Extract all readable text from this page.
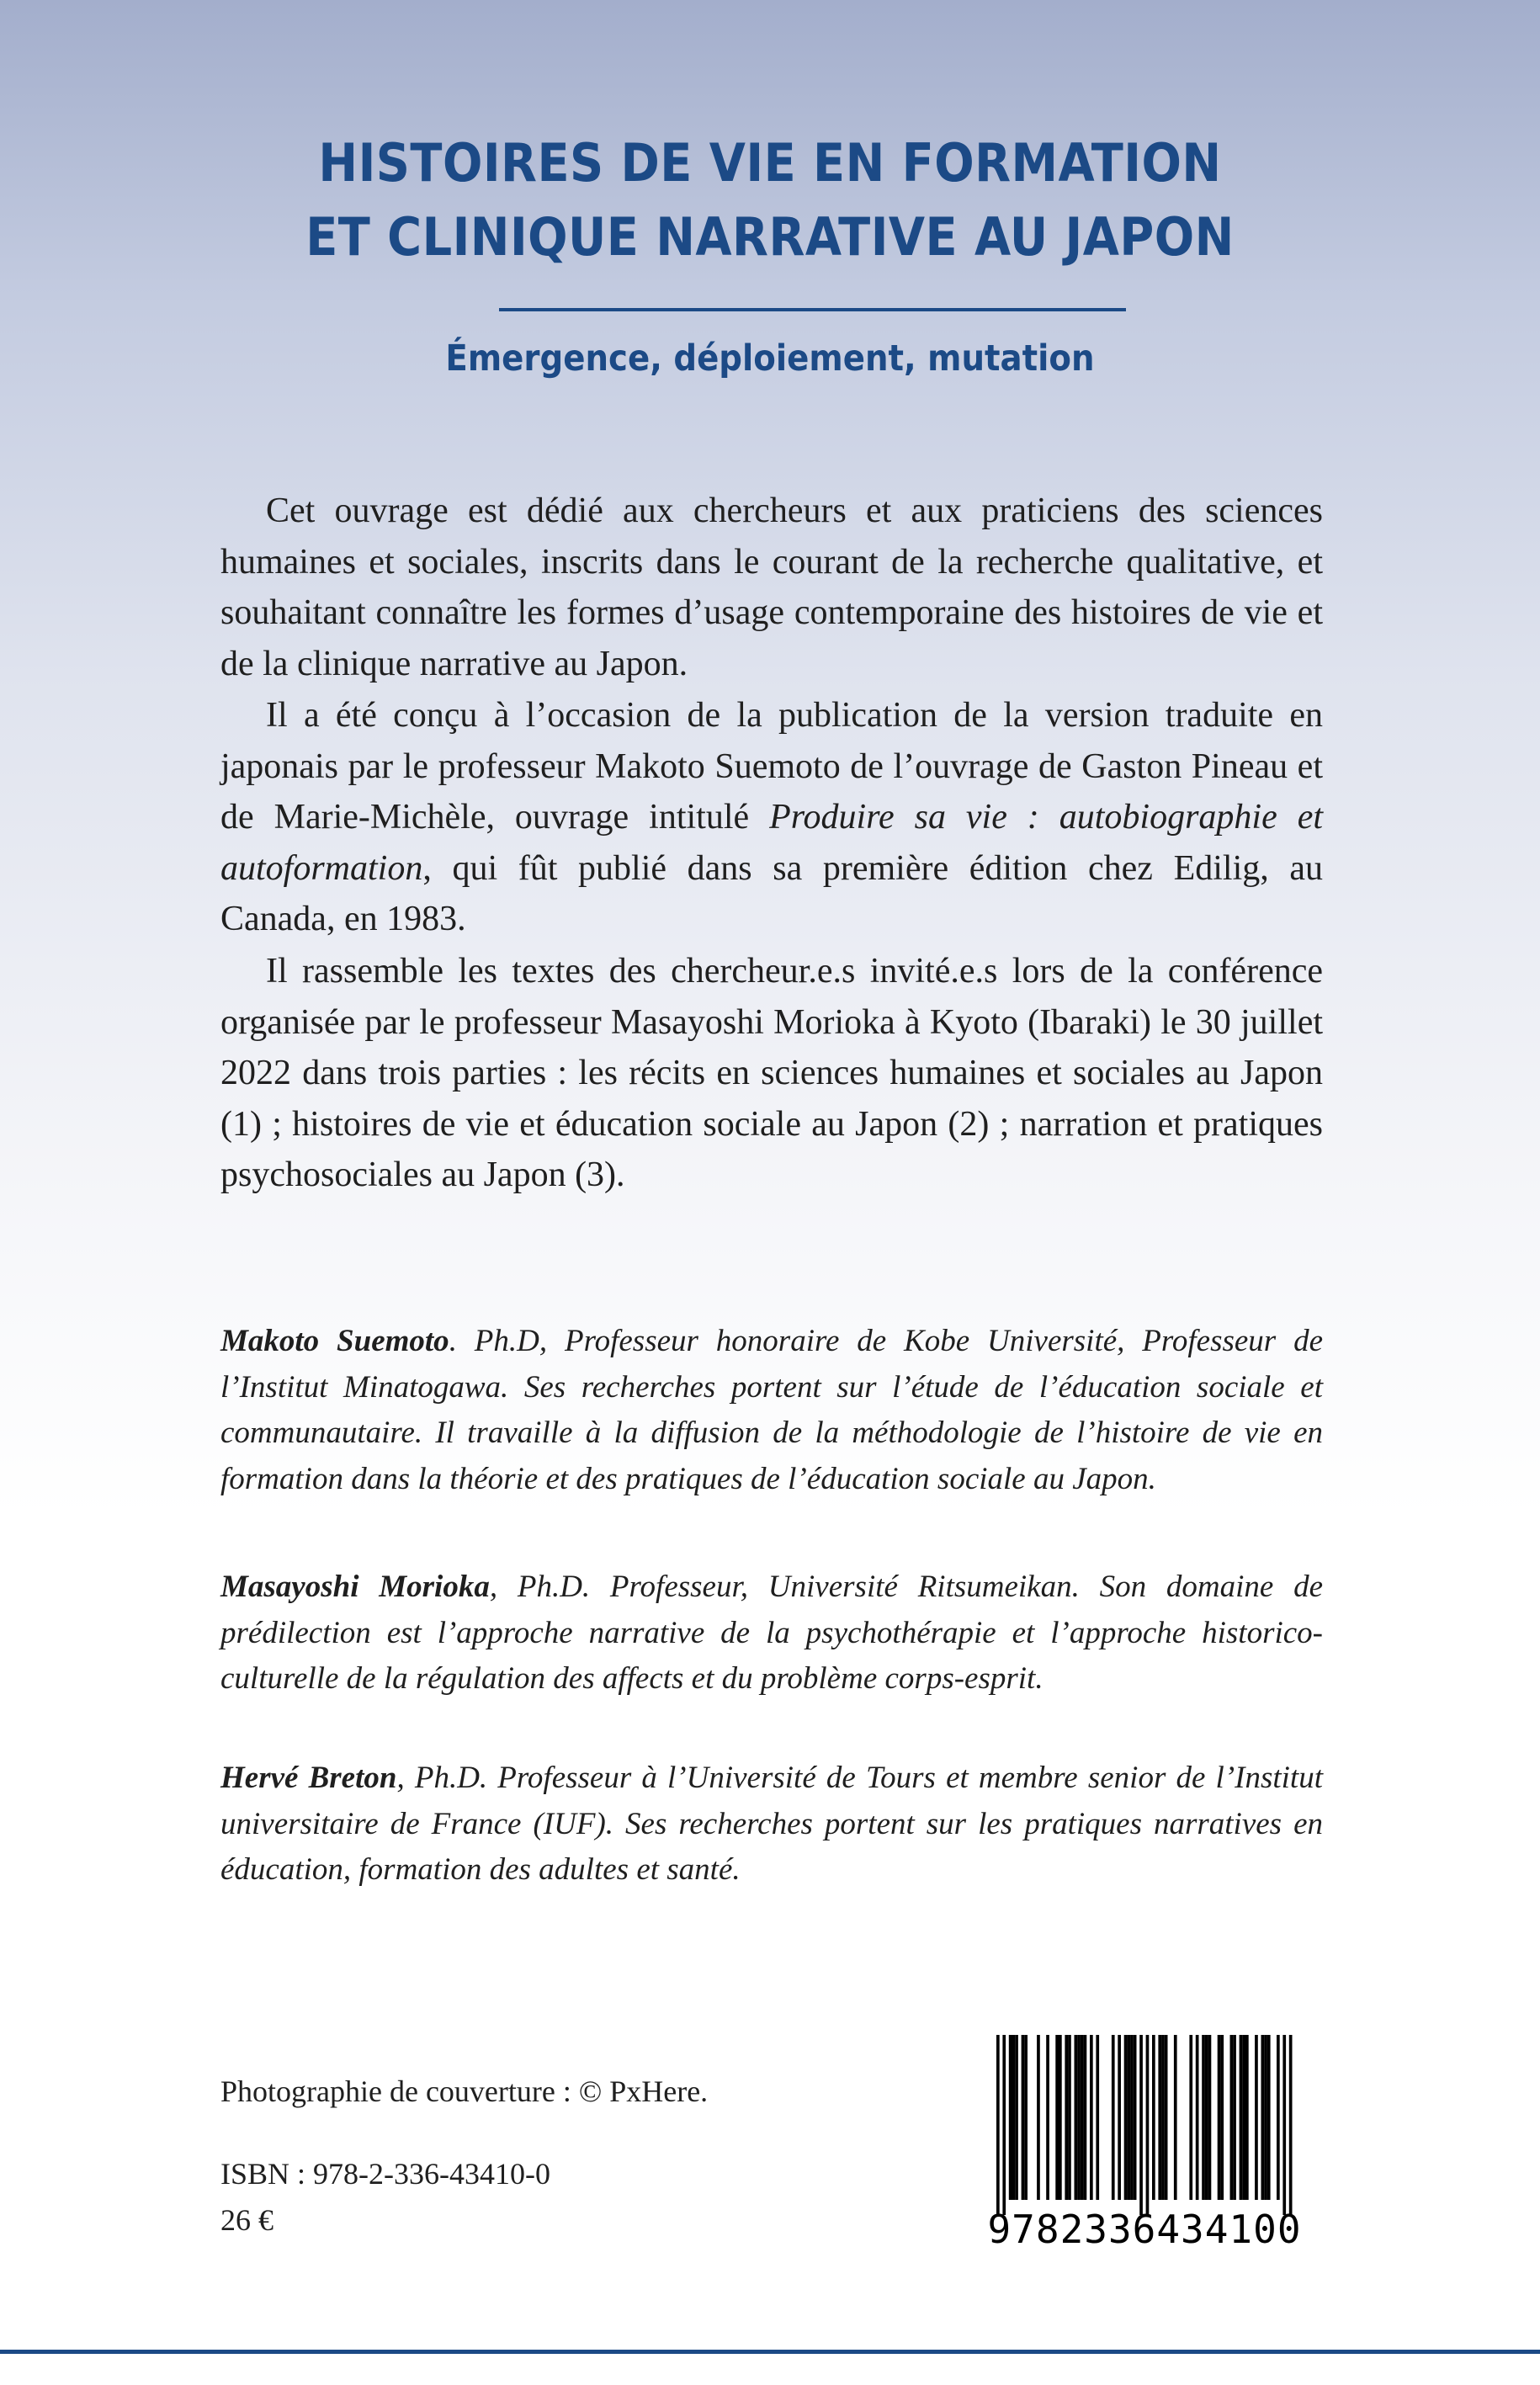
HISTOIRES DE VIE EN FORMATION
ET CLINIQUE NARRATIVE AU JAPON
Émergence, déploiement, mutation

Cet ouvrage est dédié aux chercheurs et aux praticiens des sciences humaines et sociales, inscrits dans le courant de la recherche qualitative, et souhaitant connaître les formes d’usage contemporaine des histoires de vie et de la clinique narrative au Japon.

Il a été conçu à l’occasion de la publication de la version traduite en japonais par le professeur Makoto Suemoto de l’ouvrage de Gaston Pineau et de Marie-Michèle, ouvrage intitulé Produire sa vie : autobiographie et autoformation, qui fût publié dans sa première édition chez Edilig, au Canada, en 1983.

Il rassemble les textes des chercheur.e.s invité.e.s lors de la conférence organisée par le professeur Masayoshi Morioka à Kyoto (Ibaraki) le 30 juillet 2022 dans trois parties : les récits en sciences humaines et sociales au Japon (1) ; histoires de vie et éducation sociale au Japon (2) ; narration et pratiques psychosociales au Japon (3).

Makoto Suemoto. Ph.D, Professeur honoraire de Kobe Université, Professeur de l’Institut Minatogawa. Ses recherches portent sur l’étude de l’éducation sociale et communautaire. Il travaille à la diffusion de la méthodologie de l’histoire de vie en formation dans la théorie et des pratiques de l’éducation sociale au Japon.

Masayoshi Morioka, Ph.D. Professeur, Université Ritsumeikan. Son domaine de prédilection est l’approche narrative de la psychothérapie et l’approche historico-culturelle de la régulation des affects et du problème corps-esprit.

Hervé Breton, Ph.D. Professeur à l’Université de Tours et membre senior de l’Institut universitaire de France (IUF). Ses recherches portent sur les pratiques narratives en éducation, formation des adultes et santé.

Photographie de couverture : © PxHere.

ISBN : 978-2-336-43410-0

26 €	9782336434100
